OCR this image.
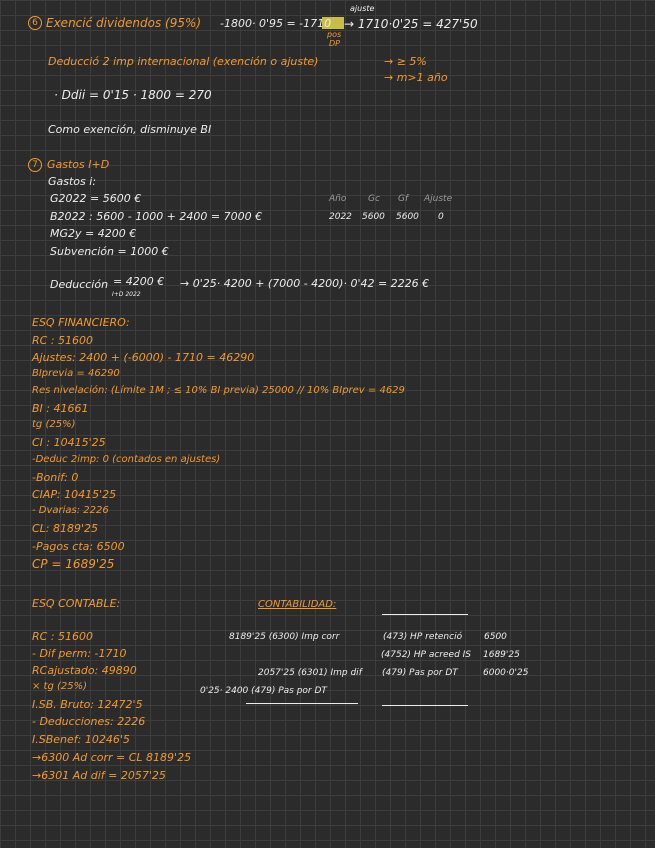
6 Exencić dividendos (95%) -1800· 0'95 = -1710
ajuste
→ 1710·0'25 = 427'50
pos
DP
Deducció 2 imp internacional (exención o ajuste)	→ ≥ 5%
→ m>1 año
· Ddii = 0'15 · 1800 = 270
Como exención, disminuye BI
7 Gastos I+D
Gastos i:
G2022 = 5600 €
B2022 : 5600 - 1000 + 2400 = 7000 €
MG2y = 4200 €
Subvención = 1000 €
Año Gc Gf Ajuste
2022 5600 5600 0
Deducción
I+D 2022
= 4200 € → 0'25· 4200 + (7000 - 4200)· 0'42 = 2226 €
ESQ FINANCIERO:
RC : 51600
Ajustes: 2400 + (-6000) - 1710 = 46290
BIprevia = 46290
Res nivelación: (Límite 1M ; ≤ 10% BI previa) 25000 // 10% BIprev = 4629
BI : 41661
tg (25%)
CI : 10415'25
-Deduc 2imp: 0 (contados en ajustes)
-Bonif: 0
CIAP: 10415'25
- Dvarias: 2226
CL: 8189'25
-Pagos cta: 6500
CP = 1689'25
ESQ CONTABLE:
RC : 51600
- Dif perm: -1710
RCajustado: 49890
× tg (25%)
I.SB. Bruto: 12472'5
- Deducciones: 2226
I.SBenef: 10246'5
→6300 Ad corr = CL 8189'25
→6301 Ad dif = 2057'25
CONTABILIDAD:
8189'25 (6300) Imp corr
2057'25 (6301) Imp dif
0'25· 2400 (479) Pas por DT
(473) HP retenció 6500
(4752) HP acreed IS 1689'25
(479) Pas por DT	6000·0'25
